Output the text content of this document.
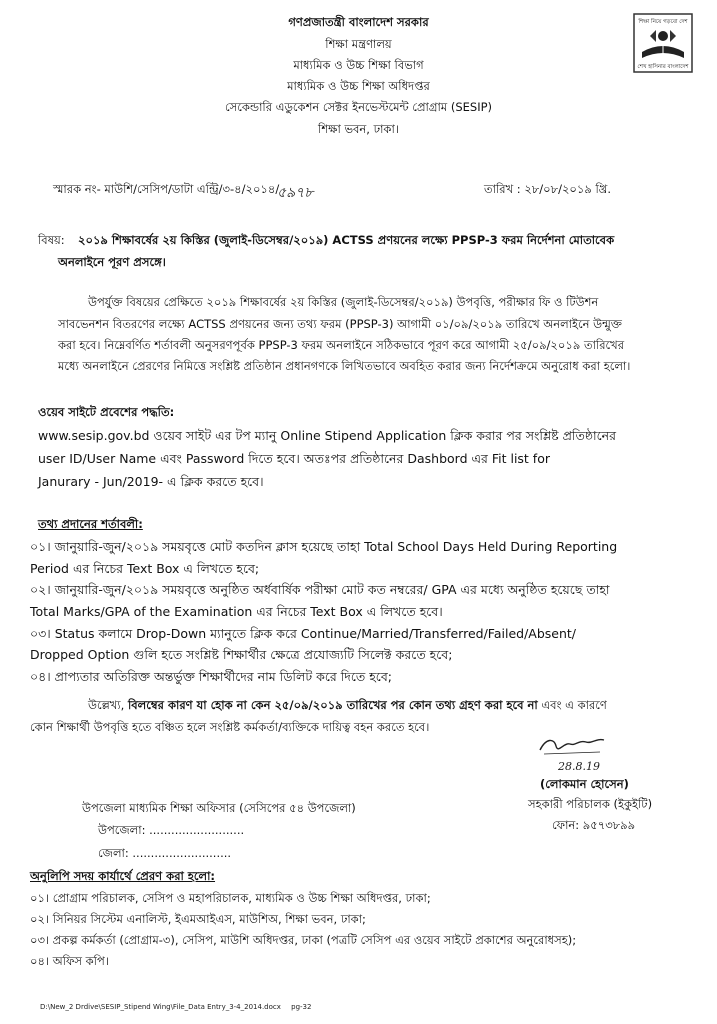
শিক্ষা নিয়ে গড়বো দেশ
শেখ হাসিনার বাংলাদেশ
গণপ্রজাতন্ত্রী বাংলাদেশ সরকার
শিক্ষা মন্ত্রণালয়
মাধ্যমিক ও উচ্চ শিক্ষা বিভাগ
মাধ্যমিক ও উচ্চ শিক্ষা অধিদপ্তর
সেকেন্ডারি এডুকেশন সেক্টর ইনভেস্টমেন্ট প্রোগ্রাম (SESIP)
শিক্ষা ভবন, ঢাকা।
স্মারক নং- মাউশি/সেসিপ/ডাটা এন্ট্রি/৩-৪/২০১৪/
৫৯৭৮	তারিখ : ২৮/০৮/২০১৯ খ্রি.
বিষয়: ২০১৯ শিক্ষাবর্ষের ২য় কিস্তির (জুলাই-ডিসেম্বর/২০১৯) ACTSS প্রণয়নের লক্ষ্যে PPSP-3 ফরম নির্দেশনা মোতাবেক
অনলাইনে পূরণ প্রসঙ্গে।
উপর্যুক্ত বিষয়ের প্রেক্ষিতে ২০১৯ শিক্ষাবর্ষের ২য় কিস্তির (জুলাই-ডিসেম্বর/২০১৯) উপবৃত্তি, পরীক্ষার ফি ও টিউশন
সাবভেনশন বিতরণের লক্ষ্যে ACTSS প্রণয়নের জন্য তথ্য ফরম (PPSP-3) আগামী ০১/০৯/২০১৯ তারিখে অনলাইনে উন্মুক্ত
করা হবে। নিম্নেবর্ণিত শর্তাবলী অনুসরণপূর্বক PPSP-3 ফরম অনলাইনে সঠিকভাবে পূরণ করে আগামী ২৫/০৯/২০১৯ তারিখের
মধ্যে অনলাইনে প্রেরণের নিমিত্তে সংশ্লিষ্ট প্রতিষ্ঠান প্রধানগণকে লিখিতভাবে অবহিত করার জন্য নির্দেশক্রমে অনুরোধ করা হলো।
ওয়েব সাইটে প্রবেশের পদ্ধতি:
www.sesip.gov.bd ওয়েব সাইট এর টপ ম্যানু Online Stipend Application ক্লিক করার পর সংশ্লিষ্ট প্রতিষ্ঠানের
user ID/User Name এবং Password দিতে হবে। অতঃপর প্রতিষ্ঠানের Dashbord এর Fit list for
Janurary - Jun/2019- এ ক্লিক করতে হবে।
তথ্য প্রদানের শর্তাবলী:
০১। জানুয়ারি-জুন/২০১৯ সময়বৃত্তে মোট কতদিন ক্লাস হয়েছে তাহা Total School Days Held During Reporting
Period এর নিচের Text Box এ লিখতে হবে;
০২। জানুয়ারি-জুন/২০১৯ সময়বৃত্তে অনুষ্ঠিত অর্ধবার্ষিক পরীক্ষা মোট কত নম্বরের/ GPA এর মধ্যে অনুষ্ঠিত হয়েছে তাহা
Total Marks/GPA of the Examination এর নিচের Text Box এ লিখতে হবে।
০৩। Status কলামে Drop-Down ম্যানুতে ক্লিক করে Continue/Married/Transferred/Failed/Absent/
Dropped Option গুলি হতে সংশ্লিষ্ট শিক্ষার্থীর ক্ষেত্রে প্রযোজ্যটি সিলেক্ট করতে হবে;
০৪। প্রাপ্যতার অতিরিক্ত অন্তর্ভুক্ত শিক্ষার্থীদের নাম ডিলিট করে দিতে হবে;
উল্লেখ্য, বিলম্বের কারণ যা হোক না কেন ২৫/০৯/২০১৯ তারিখের পর কোন তথ্য গ্রহণ করা হবে না এবং এ কারণে
কোন শিক্ষার্থী উপবৃত্তি হতে বঞ্চিত হলে সংশ্লিষ্ট কর্মকর্তা/ব্যক্তিকে দায়িত্ব বহন করতে হবে।
28.8.19
(লোকমান হোসেন)
সহকারী পরিচালক (ইকুইটি)
ফোন: ৯৫৭৩৮৯৯
উপজেলা মাধ্যমিক শিক্ষা অফিসার (সেসিপের ৫৪ উপজেলা)
উপজেলা: ..........................
জেলা: ...........................
অনুলিপি সদয় কার্যার্থে প্রেরণ করা হলো:
০১। প্রোগ্রাম পরিচালক, সেসিপ ও মহাপরিচালক, মাধ্যমিক ও উচ্চ শিক্ষা অধিদপ্তর, ঢাকা;
০২। সিনিয়র সিস্টেম এনালিস্ট, ইএমআইএস, মাউশিঅ, শিক্ষা ভবন, ঢাকা;
০৩। প্রকল্প কর্মকর্তা (প্রোগ্রাম-৩), সেসিপ, মাউশি অধিদপ্তর, ঢাকা (পত্রটি সেসিপ এর ওয়েব সাইটে প্রকাশের অনুরোধসহ);
০৪। অফিস কপি।
D:\New_2 Drdive\SESIP_Stipend Wing\File_Data Entry_3-4_2014.docx pg-32
